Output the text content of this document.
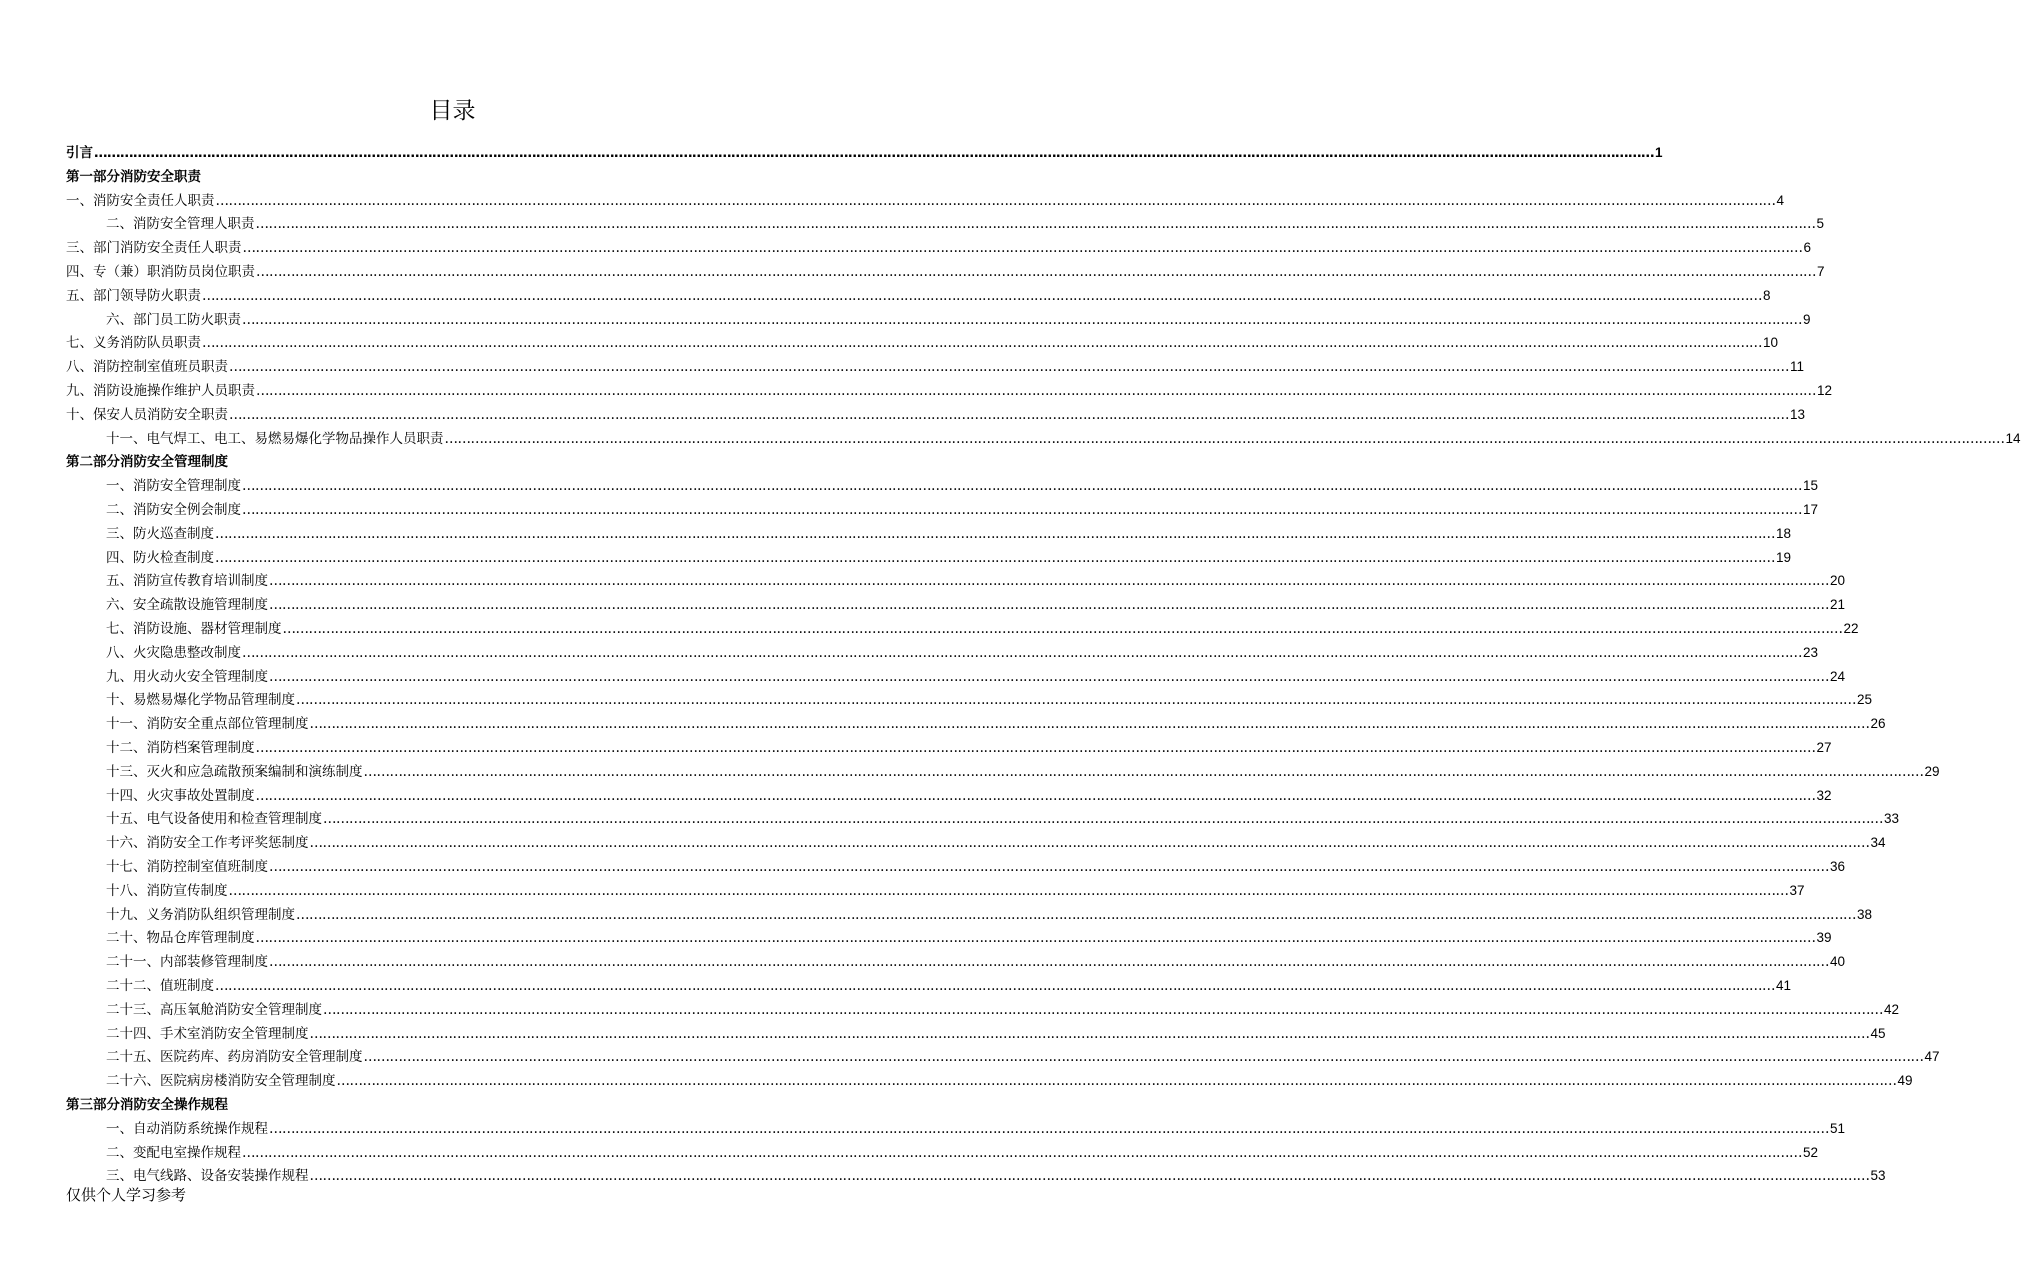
目录
引言 ……………………………………………………………………………………………………………………………………………………………………………………………………………………………………………………………………………………………………………………………… 1
第一部分消防安全职责
一、消防安全责任人职责 ……………………………………………………………………………………………………………………………………………………………………………………………………………………………………………………………………………………………………………………………… 4
二、消防安全管理人职责 ……………………………………………………………………………………………………………………………………………………………………………………………………………………………………………………………………………………………………………………………… 5
三、部门消防安全责任人职责 ……………………………………………………………………………………………………………………………………………………………………………………………………………………………………………………………………………………………………………………………… 6
四、专（兼）职消防员岗位职责 ……………………………………………………………………………………………………………………………………………………………………………………………………………………………………………………………………………………………………………………………… 7
五、部门领导防火职责 ……………………………………………………………………………………………………………………………………………………………………………………………………………………………………………………………………………………………………………………………… 8
六、部门员工防火职责 ……………………………………………………………………………………………………………………………………………………………………………………………………………………………………………………………………………………………………………………………… 9
七、义务消防队员职责 ……………………………………………………………………………………………………………………………………………………………………………………………………………………………………………………………………………………………………………………………… 10
八、消防控制室值班员职责 ……………………………………………………………………………………………………………………………………………………………………………………………………………………………………………………………………………………………………………………………… 11
九、消防设施操作维护人员职责 ……………………………………………………………………………………………………………………………………………………………………………………………………………………………………………………………………………………………………………………………… 12
十、保安人员消防安全职责 ……………………………………………………………………………………………………………………………………………………………………………………………………………………………………………………………………………………………………………………………… 13
十一、电气焊工、电工、易燃易爆化学物品操作人员职责 ……………………………………………………………………………………………………………………………………………………………………………………………………………………………………………………………………………………………………………………………… 14
第二部分消防安全管理制度
一、消防安全管理制度 ……………………………………………………………………………………………………………………………………………………………………………………………………………………………………………………………………………………………………………………………… 15
二、消防安全例会制度 ……………………………………………………………………………………………………………………………………………………………………………………………………………………………………………………………………………………………………………………………… 17
三、防火巡查制度 ……………………………………………………………………………………………………………………………………………………………………………………………………………………………………………………………………………………………………………………………… 18
四、防火检查制度 ……………………………………………………………………………………………………………………………………………………………………………………………………………………………………………………………………………………………………………………………… 19
五、消防宣传教育培训制度 ……………………………………………………………………………………………………………………………………………………………………………………………………………………………………………………………………………………………………………………………… 20
六、安全疏散设施管理制度 ……………………………………………………………………………………………………………………………………………………………………………………………………………………………………………………………………………………………………………………………… 21
七、消防设施、器材管理制度 ……………………………………………………………………………………………………………………………………………………………………………………………………………………………………………………………………………………………………………………………… 22
八、火灾隐患整改制度 ……………………………………………………………………………………………………………………………………………………………………………………………………………………………………………………………………………………………………………………………… 23
九、用火动火安全管理制度 ……………………………………………………………………………………………………………………………………………………………………………………………………………………………………………………………………………………………………………………………… 24
十、易燃易爆化学物品管理制度 ……………………………………………………………………………………………………………………………………………………………………………………………………………………………………………………………………………………………………………………………… 25
十一、消防安全重点部位管理制度 ……………………………………………………………………………………………………………………………………………………………………………………………………………………………………………………………………………………………………………………………… 26
十二、消防档案管理制度 ……………………………………………………………………………………………………………………………………………………………………………………………………………………………………………………………………………………………………………………………… 27
十三、灭火和应急疏散预案编制和演练制度 ……………………………………………………………………………………………………………………………………………………………………………………………………………………………………………………………………………………………………………………………… 29
十四、火灾事故处置制度 ……………………………………………………………………………………………………………………………………………………………………………………………………………………………………………………………………………………………………………………………… 32
十五、电气设备使用和检查管理制度 ……………………………………………………………………………………………………………………………………………………………………………………………………………………………………………………………………………………………………………………………… 33
十六、消防安全工作考评奖惩制度 ……………………………………………………………………………………………………………………………………………………………………………………………………………………………………………………………………………………………………………………………… 34
十七、消防控制室值班制度 ……………………………………………………………………………………………………………………………………………………………………………………………………………………………………………………………………………………………………………………………… 36
十八、消防宣传制度 ……………………………………………………………………………………………………………………………………………………………………………………………………………………………………………………………………………………………………………………………… 37
十九、义务消防队组织管理制度 ……………………………………………………………………………………………………………………………………………………………………………………………………………………………………………………………………………………………………………………………… 38
二十、物品仓库管理制度 ……………………………………………………………………………………………………………………………………………………………………………………………………………………………………………………………………………………………………………………………… 39
二十一、内部装修管理制度 ……………………………………………………………………………………………………………………………………………………………………………………………………………………………………………………………………………………………………………………………… 40
二十二、值班制度 ……………………………………………………………………………………………………………………………………………………………………………………………………………………………………………………………………………………………………………………………… 41
二十三、高压氧舱消防安全管理制度 ……………………………………………………………………………………………………………………………………………………………………………………………………………………………………………………………………………………………………………………………… 42
二十四、手术室消防安全管理制度 ……………………………………………………………………………………………………………………………………………………………………………………………………………………………………………………………………………………………………………………………… 45
二十五、医院药库、药房消防安全管理制度 ……………………………………………………………………………………………………………………………………………………………………………………………………………………………………………………………………………………………………………………………… 47
二十六、医院病房楼消防安全管理制度 ……………………………………………………………………………………………………………………………………………………………………………………………………………………………………………………………………………………………………………………………… 49
第三部分消防安全操作规程
一、自动消防系统操作规程 ……………………………………………………………………………………………………………………………………………………………………………………………………………………………………………………………………………………………………………………………… 51
二、变配电室操作规程 ……………………………………………………………………………………………………………………………………………………………………………………………………………………………………………………………………………………………………………………………… 52
三、电气线路、设备安装操作规程 ……………………………………………………………………………………………………………………………………………………………………………………………………………………………………………………………………………………………………………………………… 53
仅供个人学习参考
